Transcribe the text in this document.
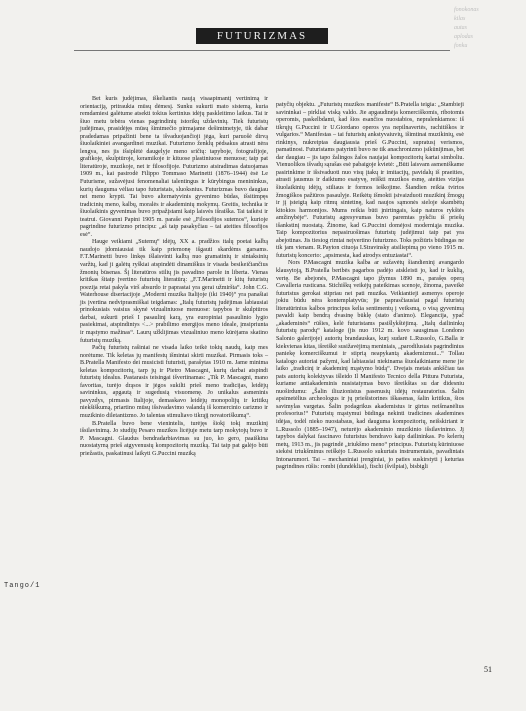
fonokonas
kilas
autas
aplodas
fonku
FUTURIZMAS

Bet kuris judėjimas, iškeliantis naują visaapimantį vertinimą ir orientaciją, pritraukia mūsų dėmesį. Sunku sukurti mato sistemą, kuria remdamiesi galėtume atsekti tokius kertinius idėjų paskleitimo laikus. Tai ir šiuo metu tebėra vienas pagrindinių istorikų uždavinių. Tiek futuristų judėjimas, prasidėjęs mūsų šimtmečio pirmajame dešimtmetyje, tik dabar pradedamas pripažinti bene ta išvaduojančioji jėga, kuri paruošė dirvą šiuolaikiniei avangardinei muzikai. Futurizmo ženklų pėdsakus atrasti nėra lengva, nes jis išsiplėtė daugelyje meno sričių: tapyboje, fotografijoje, grafikoje, skulptūroje, keramikoje ir kituose plastiniuose menuose; taip pat literatūroje, muzikoje, net ir filosofijoje. Futurizmo atsiradimas datuojamas 1909 m., kai pasirodė Filippo Tommaso Marinetti (1876–1944) ėsė Le Futurisme, sužavėjusi fenomenaliai talentingus ir kūrybingus menininkus, kurių dauguma vėliau tapo futuristais, sluoksnius. Futurizmas buvo daugiau nei meno krypti. Tai buvo alternatyvinis gyvenimo būdas, išsitimpęs tradicinių meno, kalbų, moralės ir akademinių mokymų. Greitis, technika ir šiuolaikinis gyvenimas buvo pripažįstami kaip laisvės išraiška. Tai taikėsi ir teatrui. Giovanni Papini 1905 m. paraše esė „Filosofijos sutemos“, kurioje pagrindine futurizmo principu: „aš taip pasakyčiau – tai ateities filosofijos esė“.

Hauge veikiami „Sutemų“ idėjų, XX a. pradžios italų poetai kalbą naudojo įdomiausiai tik kaip priemonę išgauti skardėms garsams. F.T.Marinetti buvo linkęs išlaisvinti kalbą nuo gramatinių ir sintaksinių varžtų, kad ji galėtų ryškiai atspindėti dinamiškus ir visada besikeičiančius žmonių būsenas. Šį literatūros stilių jis pavadino parole in liberta. Vienas kritikas šitaip įvertino futuristų literatūrą: „F.T.Marinetti ir kitų futuristų poezija retai pakyla virš absurdo ir paprastai yra gerai užmiršta“. John C.G. Waterhouse disertacijoje „Moderni muzika Italijoje (iki 1940)“ yra panašiai jis įvertina nedviprasmiškai teigdamas: „Italų futuristų judėjimas labiausiai prinokusiais vaisius skynė vizualiniuose menuose: tapybos ir skulptūros darbai, sukurti prieš I pasaulinį karą, yra europiniai pasaulinio lygio pasiekimai, atspindintys <...> prabilimo energijos meno ideale, įmsipriunta ir mąstymo mažinas“. Laurų užklijimas vizualiniuo meno kūrėjams skatino futuristų muziką.

Pačių futuristų rašiniai ne visada laiko teikė tokių naudų, kaip mes norėtume. Tik keletas jų manifestų išmintai skirti muzikai. Pirmasis toks – B.Pratella Manifesto dei musicisti futuristi, parašytas 1910 m. Jame minima keletas kompozitorių, tarp jų ir Pietro Mascagni, kurių darbai atspindi futuristų idealus. Pastarasis teisingai išvertinamas: „Tik P. Mascagni, mano favoritas, turėjo drąsos ir jėgos sukilti prieš meno tradicijas, leidėjų savininkus, apgautą ir sugedusią visuomenę. Jo unikalus asmeninis pavyzdys, pirmasis Italijoje, demaskavo leidėjų monopolijų ir kritikų niekšiškumą, priartino mūsų išsivadavimo valandą iš komercinio carizmo ir muzikinio diletantizmo. Jo talentas stimuliavo tikrąjį novatoriškumą“.

B.Pratella buvo bene vienintelis, turėjęs šiokį tokį muzikinį išsilavinimą. Jo studijų Pesaro muzikos licėjuje metu tarp mokytojų buvo ir P. Mascagni. Glaudus bendradarbiavimas su juo, ko gero, paaiškina nuostatyrną prieš atgyvenusių kompozitorių muziką. Tai taip pat galėjo būti priežastis, paskatinusi laikyti G.Puccini muziką

patyčių objektu. „Futuristų muzikos manifeste“ B.Pratella teigia: „Stambieji savininkai – pirkliai viską valdo. Jie apgaudinėja komerciškomis, ribotomis operomis, paskelbdami, kad šios esančios nuostabios, nepralenkiamos: iš tikrųjų G.Puccini ir U.Giordano operos yra nepilnavertės, rachitiškos ir vulgarios.“ Manifestas – tai futuristų ankstyvaiuvių, išimtinai muzikinių, esė rinkinys, nukreiptas daugiausia prieš G.Puccini, supratusį verismos, pamatinosi. Futuristams patyrinti buvo ne tik anachronizmo įsikūnijimas, bet dar daugiau – jis tapo žalingos žalos naujajai kompozitorių kartai simboliu. Vienuolikos išvadų sąrašas esė pabaigoje kvietė: „Būti laisvam asmeniškame pasirinkime ir išsivaduoti nuo visų įtakų ir imitacijų, pavidalų iš praeities, atrasti jausmus ir daiktumo esatyvę, reiškti muzikos esmę, ateities vizijas šiuolaikinių idėjų, stiliaus ir formos ieškojime. Šiandien reikia tvirtos žmogiškos pažiūros pasaulyje. Reikėtų išmokti įsivaizduoti muzikinį žmogų ir jį įsteigtą kaip ritmų sintetinę, kad naujos sąmonės sieloje skambėtų kitokios harmonijos. Mums reikia būti įnirtingais, kaip naturos rykštės amžinybėje“. Futuristų agresyvumas buvo paremtas pykčiu iš priešų išankstinį nuostatą. Žinome, kad G.Puccini domėjosi moderniąja muzika. Taip kompozitorius nepasiruošimas futuristų judėjimui taip pat yra abejotinas. Jis tiesiog rimtai neįvertino futurizmo. Toks požiūris būdingas ne tik jam vienam. R.Payton cituoja I.Stravinsky atsiliepimą po vieno 1915 m. futuristų koncerto: „apsimesta, kad atrodys entuziastai“.

Nors P.Mascagni muzika kalba ar sužavėtų šiandieninį avangardo klausytoją, B.Pratella beribės pagarbos padėjo atskleisti jo, kad ir kuklią, vertę. Be abejonės, P.Mascagni tapo įžymus 1890 m., parašęs operą Cavalleria rusticana. Stichiškų veikėjų pateikimas scenoje, žinoma, paveikė futuristus gerokai stipriau nei pati muzika. Veikiantieji asmenys operoje jokiu būdu nėra kontemplatyvūs; jie paprasčiausiai pagal futuristų literatūrinius kalbos principus kelia sentimentų į veiksmą, o visą gyvenimą pavaldi kaip bendrą dvasinę būklę (stato d'animo). Elegancija, ypač „akademinės“ rūšies, kelė futuristams pasišlykštėjimą. „Italų dailininkų futuristų parodų“ kataloge (jis nuo 1912 m. kovo sausgimas Londono Salonio galerijoje) autorių brandauskas, kurį sudarė L.Russolo, G.Balla ir kiekvienas kitas, išreiškė susižavėjimą meniniais, „parodilusiais pagrindinius paniekę komerciškumui ir stiprią neapykantą akademizmui...“ Tollau katalogo autoriai pažymi, kad labiausiai niekinama šiuolaikiniame mene jie laiko „tradicinį ir akademinį mąstymo būdą“. Dvejais metais ankščiau tas pats autorių kolektyvas išleido Il Manifesto Tecnico della Pittura Futurista, kuriame antiakademinis nusistatymas buvo išreikštas su dar didesniu nuoširdumu: „Šalin iliuzionistus pasenusių idėjų restauratorius. Šalin apsimetėlius archeologus ir jų priešistorines iškasenas, šalin kritikus, šios savimylas vargetas. Šalin podagrikus akademistus ir girtus neišmanėlius profesorius!“ Futuristų mąstymui būdinga nekinti tradicines akademines idėjas, todėl nieko nuostabaus, kad dauguma kompozitorių, neišskiriant ir L.Russolo (1885–1947), neturėjo akademinio muzikinio išsilavinimo. Jį tapybos dalykai fascinavo futuristus bendravo kaip dailininkas. Po kelerių metų, 1913 m., jis pagrindė „triukšmo meno“ principus. Futuristų kūriniuose siekėsi triukšminus reiškėjo L.Russolo sukurtais instrumentais, pavadintais Intonarumori. Tai – mechaniniai įrenginiai, jo paties suskirstyti į keturias pagrindines rūšis: rombi (dundėkliai), fischi (švilpiai), bisbigli

Tango/1
51
